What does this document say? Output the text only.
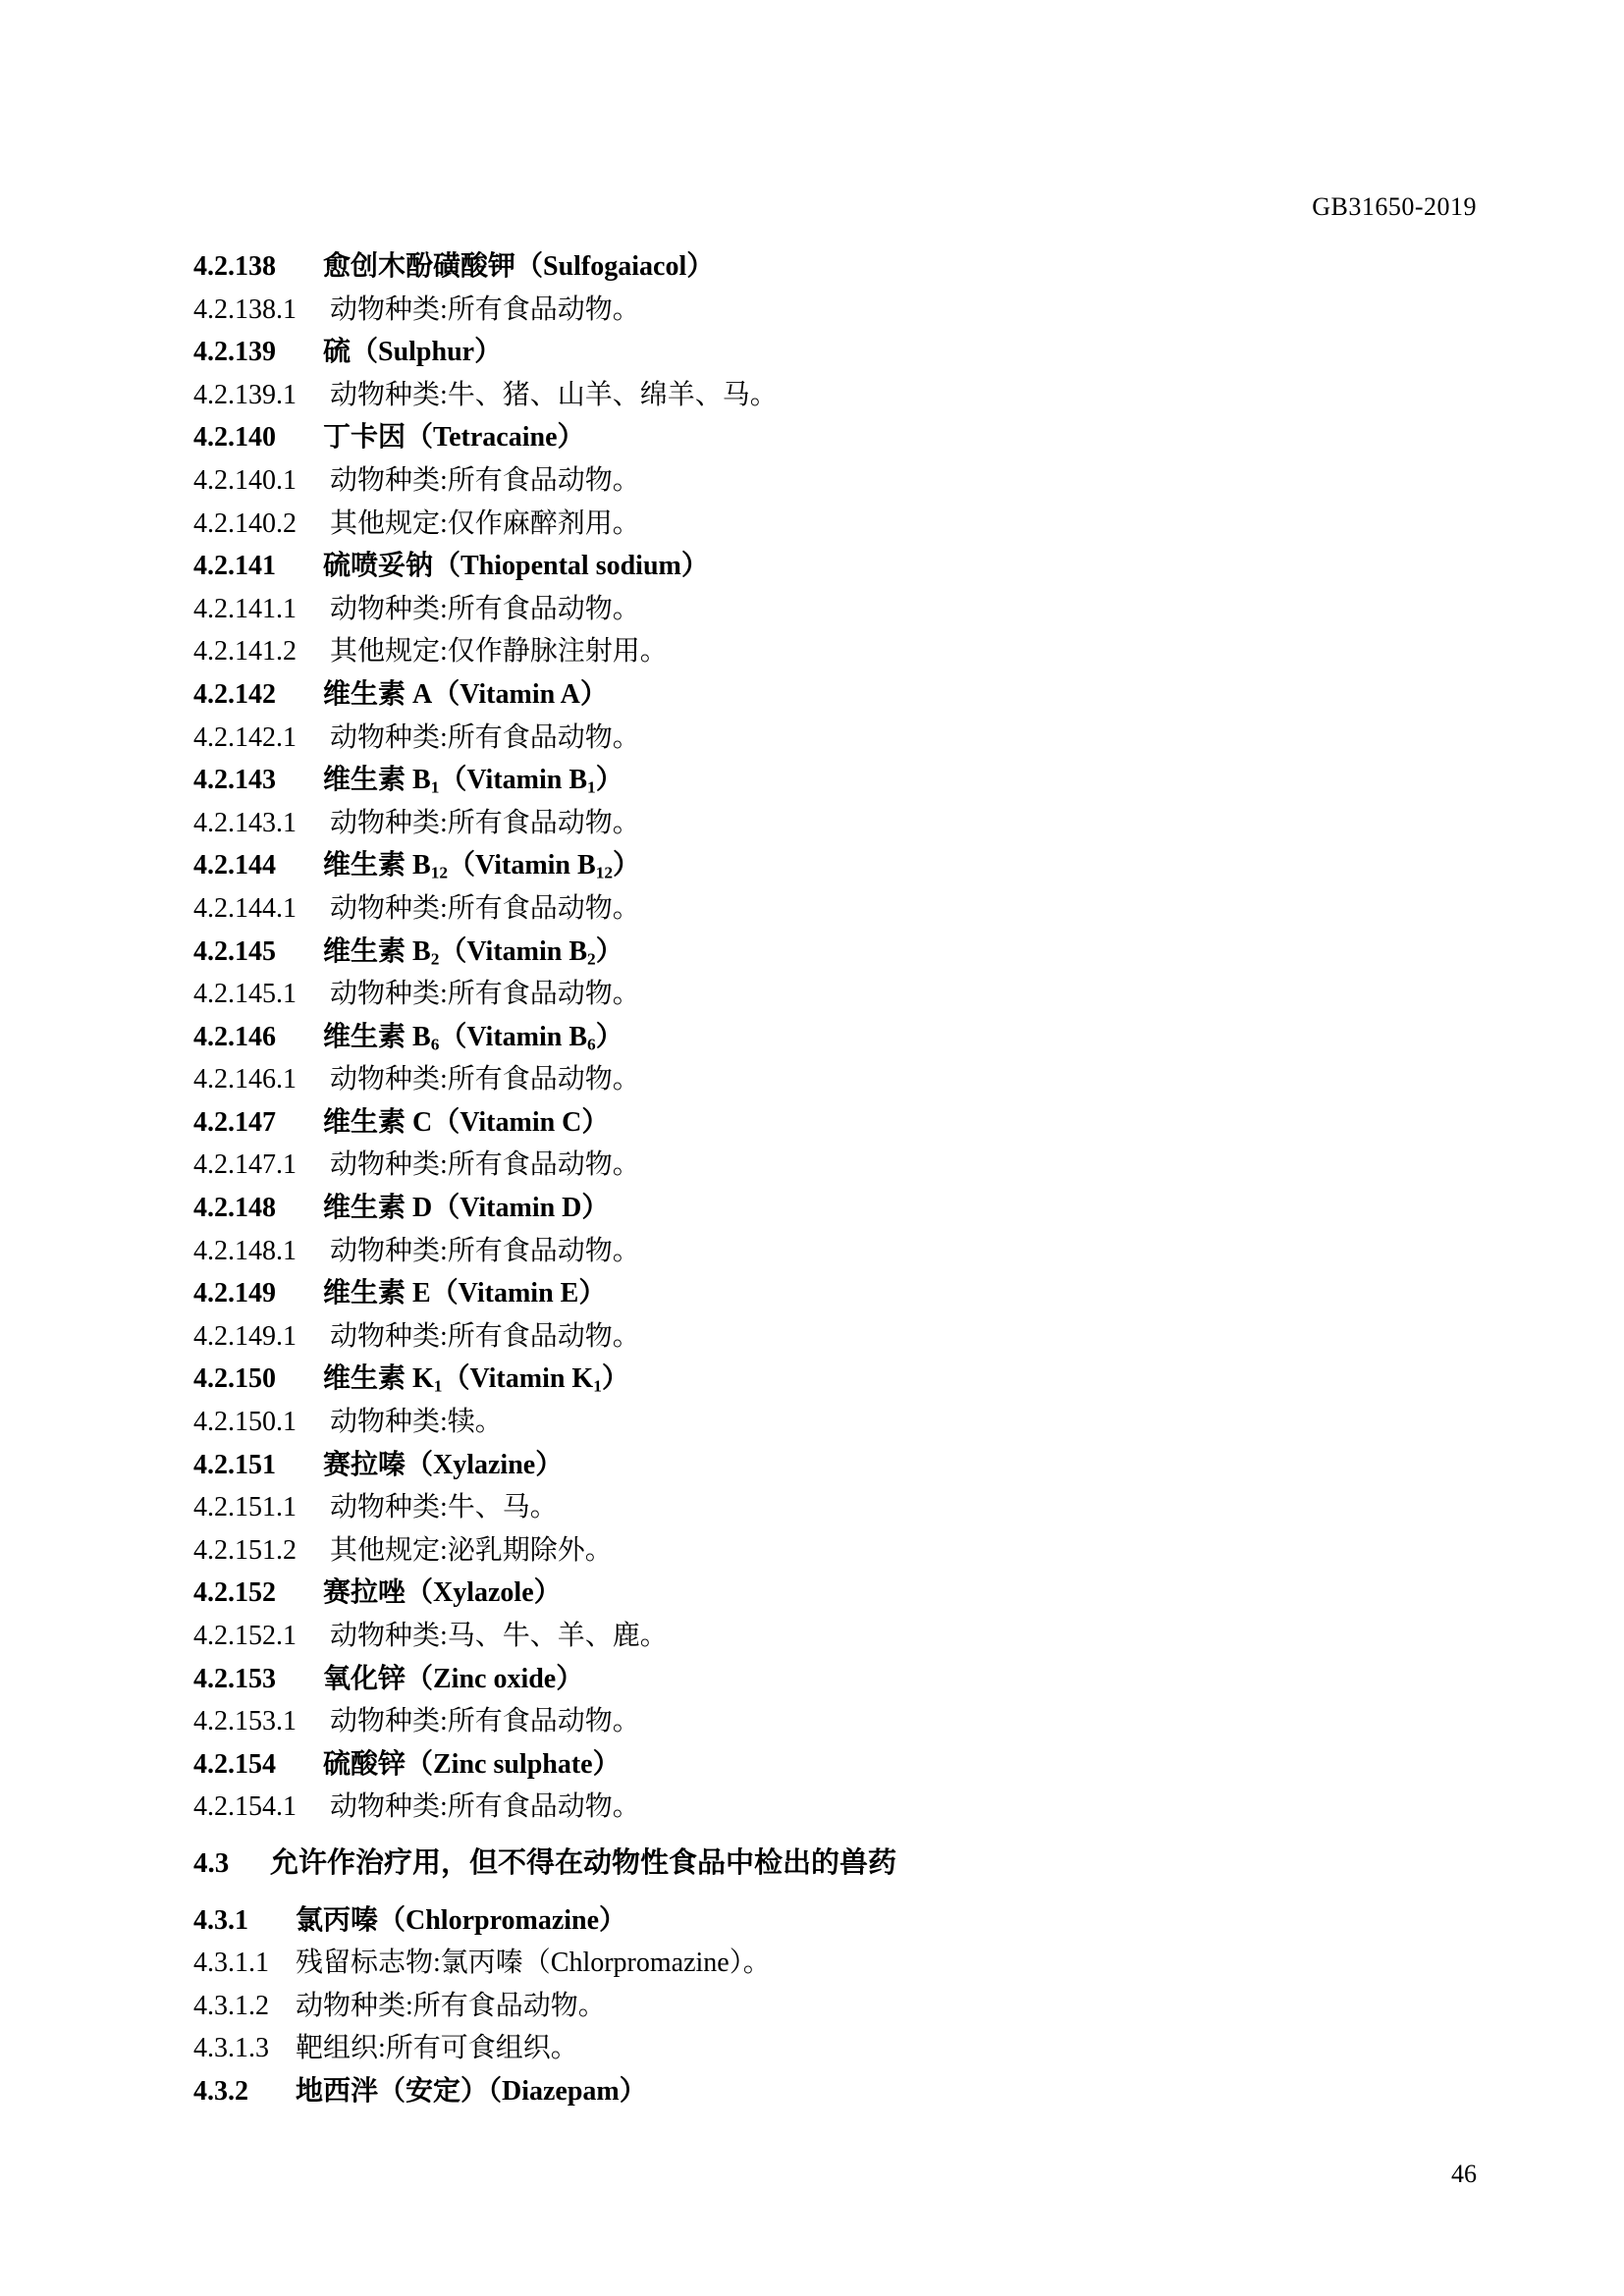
GB31650-2019
4.2.138 愈创木酚磺酸钾（Sulfogaiacol）
4.2.138.1 动物种类:所有食品动物。
4.2.139 硫（Sulphur）
4.2.139.1 动物种类:牛、猪、山羊、绵羊、马。
4.2.140 丁卡因（Tetracaine）
4.2.140.1 动物种类:所有食品动物。
4.2.140.2 其他规定:仅作麻醉剂用。
4.2.141 硫喷妥钠（Thiopental sodium）
4.2.141.1 动物种类:所有食品动物。
4.2.141.2 其他规定:仅作静脉注射用。
4.2.142 维生素 A（Vitamin A）
4.2.142.1 动物种类:所有食品动物。
4.2.143 维生素 $B_1(Vitamin$ $B_1$）
4.2.143.1 动物种类:所有食品动物。
4.2.144 维生素 $B_{12}(Vitamin$ $B_{12}$）
4.2.144.1 动物种类:所有食品动物。
4.2.145 维生素 $B_2(Vitamin$ $B_2$）
4.2.145.1 动物种类:所有食品动物。
4.2.146 维生素 $B_6(Vitamin$ $B_6$）
4.2.146.1 动物种类:所有食品动物。
4.2.147 维生素 C（Vitamin C）
4.2.147.1 动物种类:所有食品动物。
4.2.148 维生素 D（Vitamin D）
4.2.148.1 动物种类:所有食品动物。
4.2.149 维生素 E（Vitamin E）
4.2.149.1 动物种类:所有食品动物。
4.2.150 维生素 $K_1(Vitamin$ $K_1$）
4.2.150.1 动物种类:犊。
4.2.151 赛拉嗪（Xylazine）
4.2.151.1 动物种类:牛、马。
4.2.151.2 其他规定:泌乳期除外。
4.2.152 赛拉唑（Xylazole）
4.2.152.1 动物种类:马、牛、羊、鹿。
4.2.153 氧化锌（Zinc oxide）
4.2.153.1 动物种类:所有食品动物。
4.2.154 硫酸锌（Zinc sulphate）
4.2.154.1 动物种类:所有食品动物。
4.3 允许作治疗用，但不得在动物性食品中检出的兽药
4.3.1 氯丙嗪（Chlorpromazine）
4.3.1.1 残留标志物:氯丙嗪（Chlorpromazine）。
4.3.1.2 动物种类:所有食品动物。
4.3.1.3 靶组织:所有可食组织。
4.3.2 地西泮（安定）（Diazepam）
46
